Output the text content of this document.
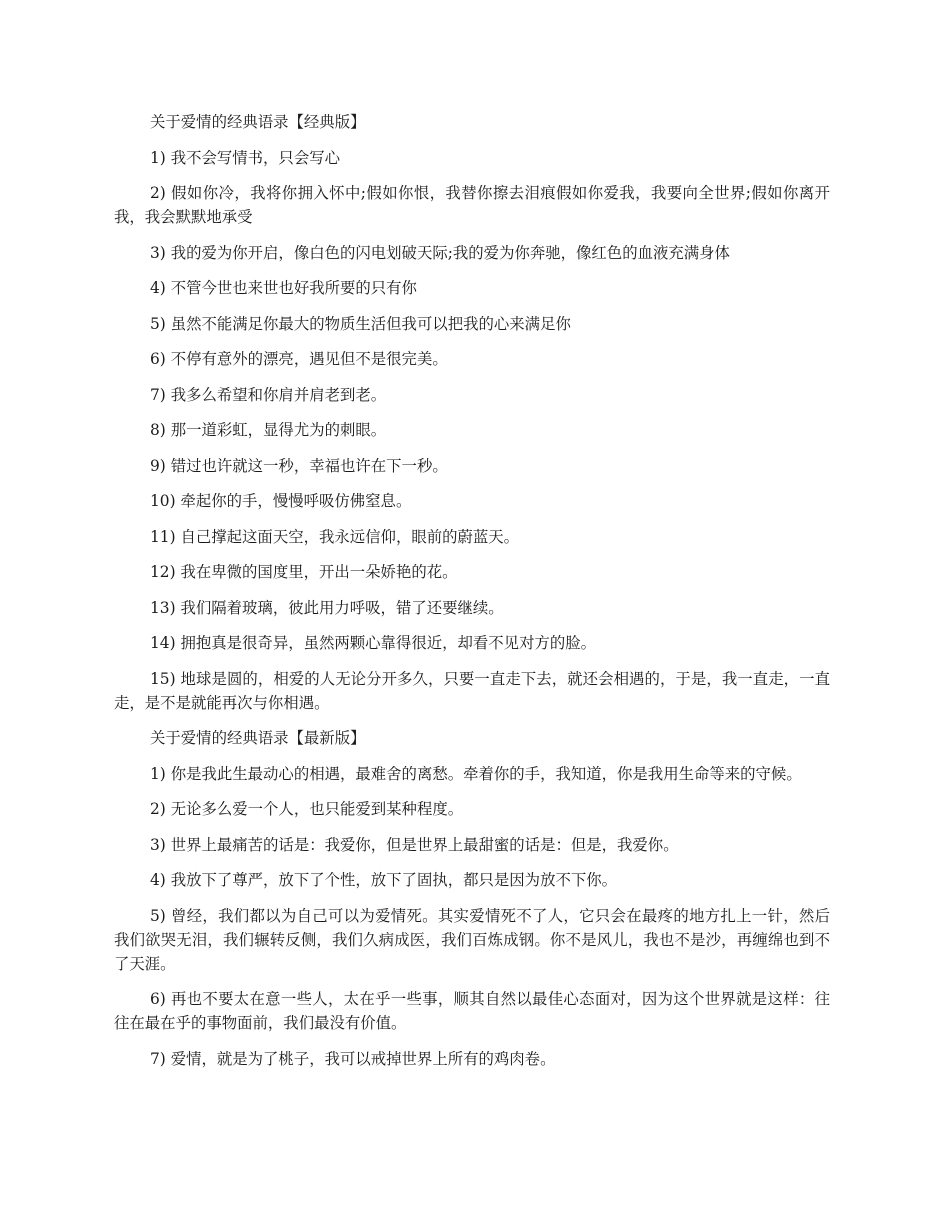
关于爱情的经典语录【经典版】

1) 我不会写情书，只会写心

2) 假如你冷，我将你拥入怀中;假如你恨，我替你擦去泪痕假如你爱我，我要向全世界;假如你离开我，我会默默地承受

3) 我的爱为你开启，像白色的闪电划破天际;我的爱为你奔驰，像红色的血液充满身体

4) 不管今世也来世也好我所要的只有你

5) 虽然不能满足你最大的物质生活但我可以把我的心来满足你

6) 不停有意外的漂亮，遇见但不是很完美。

7) 我多么希望和你肩并肩老到老。

8) 那一道彩虹，显得尤为的刺眼。

9) 错过也许就这一秒，幸福也许在下一秒。

10) 牵起你的手，慢慢呼吸仿佛窒息。

11) 自己撑起这面天空，我永远信仰，眼前的蔚蓝天。

12) 我在卑微的国度里，开出一朵娇艳的花。

13) 我们隔着玻璃，彼此用力呼吸，错了还要继续。

14) 拥抱真是很奇异，虽然两颗心靠得很近，却看不见对方的脸。

15) 地球是圆的，相爱的人无论分开多久，只要一直走下去，就还会相遇的，于是，我一直走，一直走，是不是就能再次与你相遇。

关于爱情的经典语录【最新版】

1) 你是我此生最动心的相遇，最难舍的离愁。牵着你的手，我知道，你是我用生命等来的守候。

2) 无论多么爱一个人，也只能爱到某种程度。

3) 世界上最痛苦的话是：我爱你，但是世界上最甜蜜的话是：但是，我爱你。

4) 我放下了尊严，放下了个性，放下了固执，都只是因为放不下你。

5) 曾经，我们都以为自己可以为爱情死。其实爱情死不了人，它只会在最疼的地方扎上一针，然后我们欲哭无泪，我们辗转反侧，我们久病成医，我们百炼成钢。你不是风儿，我也不是沙，再缠绵也到不了天涯。

6) 再也不要太在意一些人，太在乎一些事，顺其自然以最佳心态面对，因为这个世界就是这样：往往在最在乎的事物面前，我们最没有价值。

7) 爱情，就是为了桃子，我可以戒掉世界上所有的鸡肉卷。
